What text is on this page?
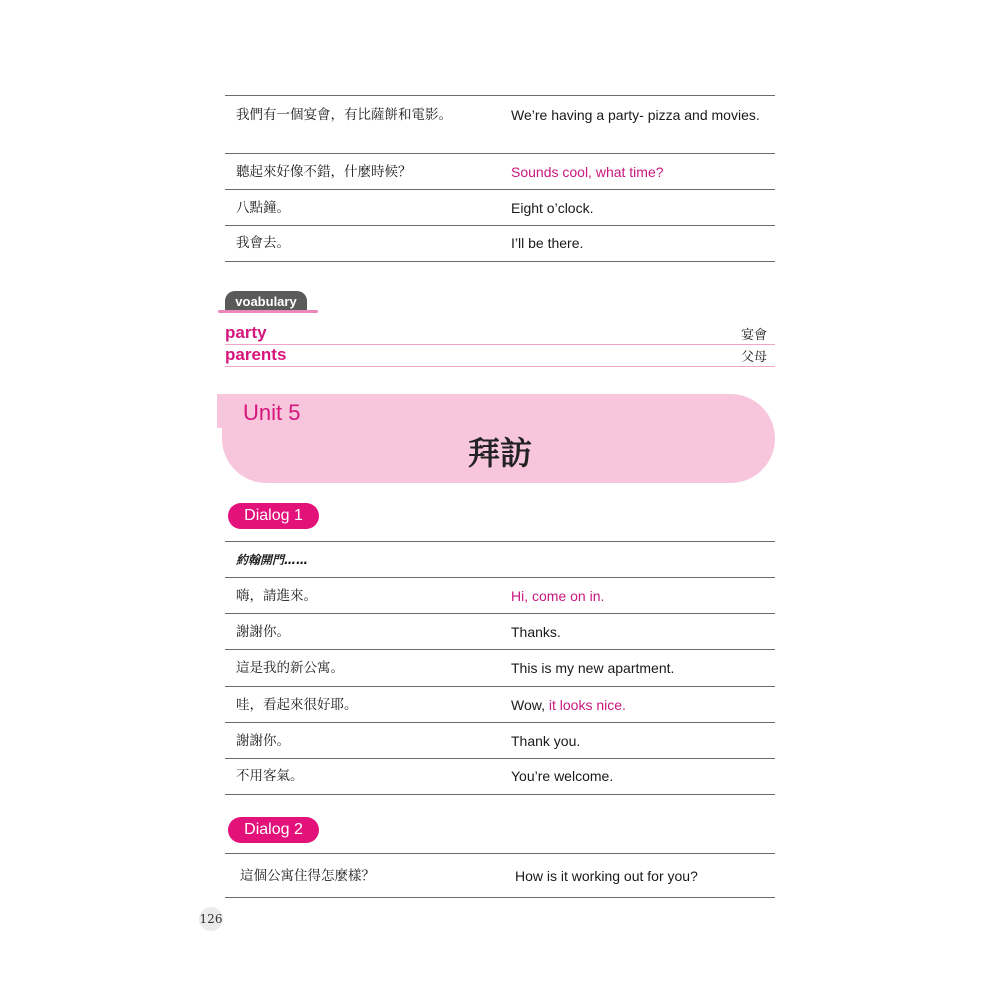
我們有一個宴會，有比薩餅和電影。	We’re having a party- pizza and movies.
聽起來好像不錯，什麼時候？	Sounds cool, what time?
八點鐘。	Eight o’clock.
我會去。	I’ll be there.
voabulary
party	宴會
parents	父母
Unit 5
拜訪
Dialog 1
約翰開門……
嗨，請進來。	Hi, come on in.
謝謝你。	Thanks.
這是我的新公寓。	This is my new apartment.
哇，看起來很好耶。	Wow, it looks nice.
謝謝你。	Thank you.
不用客氣。	You’re welcome.
Dialog 2
這個公寓住得怎麼樣？	How is it working out for you?
126
